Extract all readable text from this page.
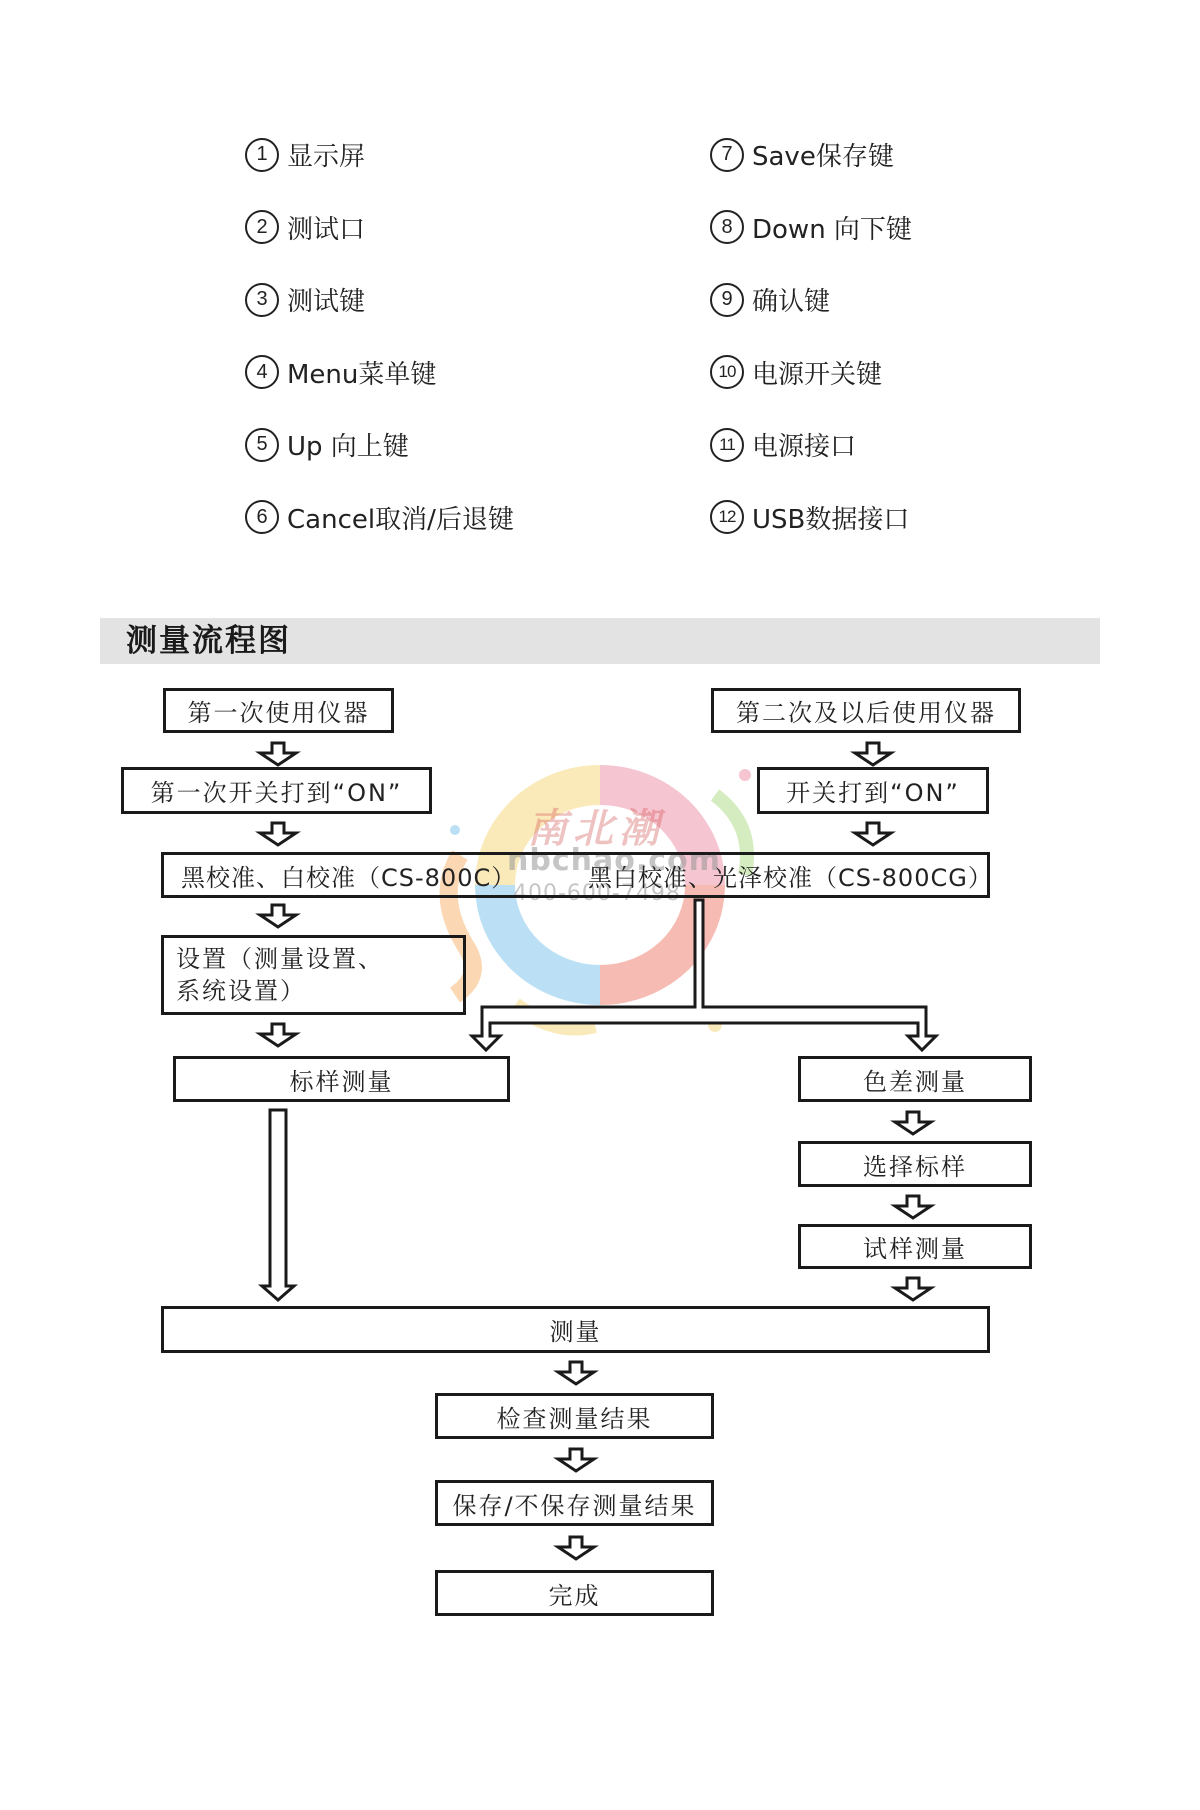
1 显示屏
2 测试口
3 测试键
4 Menu菜单键
5 Up 向上键
6 Cancel取消/后退键
7 Save保存键
8 Down 向下键
9 确认键
10 电源开关键
11 电源接口
12 USB数据接口
测量流程图
南北潮
nbchao.com
400-600-7498
第一次使用仪器	第二次及以后使用仪器
第一次开关打到“ON”	开关打到“ON”
黑校准、白校准（CS-800C）	黑白校准、光泽校准（CS-800CG）
设置（测量设置、
系统设置）
标样测量	色差测量
选择标样
试样测量
测量
检查测量结果
保存/不保存测量结果
完成
